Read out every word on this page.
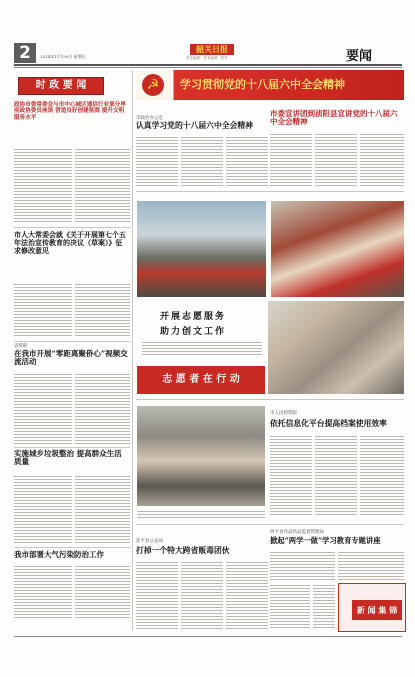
2	2014年11月30日 星期日
韶关日报
责任编辑 · 美术编辑 · 校对	要闻
时 政 要 闻
政协市委常委会与市中心城区通信行业部分界别政协委员座谈 营造良好创建氛围 提升文明服务水平
市人大常委会就《关于开展第七个五年法治宣传教育的决议（草案）》征求修改意见
省侨联
在我市开展“零距离聚侨心”视频交流活动
实施城乡垃圾整治 提高群众生活质量
我市部署大气污染防治工作
☭	学习贯彻党的十八届六中全会精神
市政府办公室
认真学习党的十八届六中全会精神
市委宣讲团到浈阳县宣讲党的十八届六中全会精神
开展志愿服务
助力创文工作
志 愿 者 在 行 动
市人民检察院
依托信息化平台提高档案使用效率
连平县公安局
打掉一个特大跨省贩毒团伙
西平县食品药品监督管理局
掀起“两学一做”学习教育专题讲座
新 闻 集 锦
